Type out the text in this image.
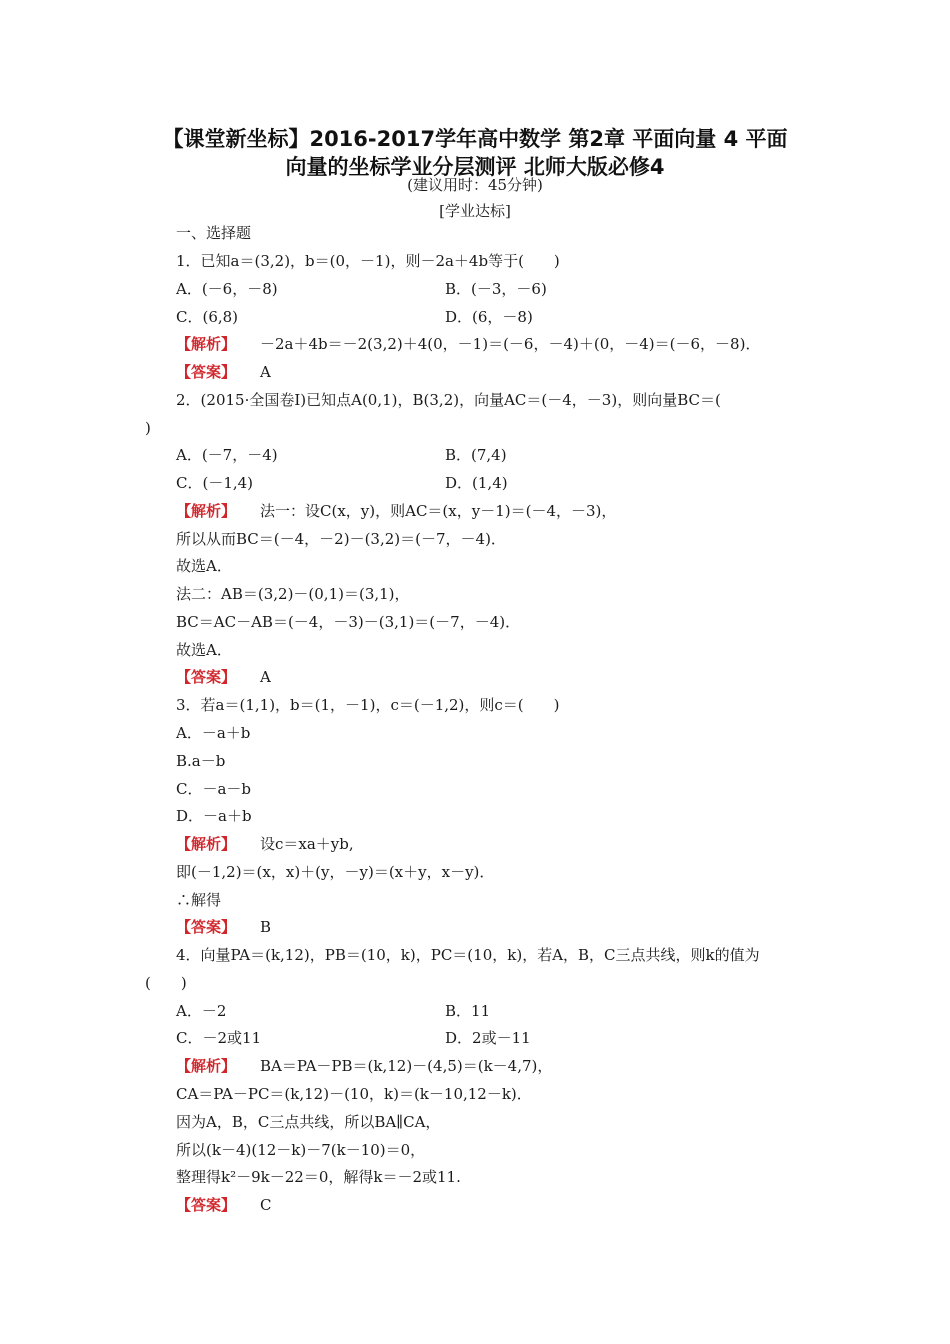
【课堂新坐标】2016-2017学年高中数学 第2章 平面向量 4 平面
向量的坐标学业分层测评 北师大版必修4
(建议用时：45分钟)
[学业达标]
一、选择题
1．已知a＝(3,2)，b＝(0，－1)，则－2a＋4b等于(　　)
A．(－6，－8)	B．(－3，－6)
C．(6,8)	D．(6，－8)
【解析】 －2a＋4b＝－2(3,2)＋4(0，－1)＝(－6，－4)＋(0，－4)＝(－6，－8)．
【答案】 A
2．(2015·全国卷Ⅰ)已知点A(0,1)，B(3,2)，向量AC＝(－4，－3)，则向量BC＝(
)
A．(－7，－4)	B．(7,4)
C．(－1,4)	D．(1,4)
【解析】 法一：设C(x，y)，则AC＝(x，y－1)＝(－4，－3)，
所以从而BC＝(－4，－2)－(3,2)＝(－7，－4)．
故选A．
法二：AB＝(3,2)－(0,1)＝(3,1)，
BC＝AC－AB＝(－4，－3)－(3,1)＝(－7，－4)．
故选A．
【答案】 A
3．若a＝(1,1)，b＝(1，－1)，c＝(－1,2)，则c＝(　　)
A．－a＋b
B.a－b
C．－a－b
D．－a＋b
【解析】 设c＝xa＋yb,
即(－1,2)＝(x，x)＋(y，－y)＝(x＋y，x－y)．
∴解得
【答案】 B
4．向量PA＝(k,12)，PB＝(10，k)，PC＝(10，k)，若A，B，C三点共线，则k的值为
(　　)
A．－2	B．11
C．－2或11	D．2或－11
【解析】 BA＝PA－PB＝(k,12)－(4,5)＝(k－4,7)，
CA＝PA－PC＝(k,12)－(10，k)＝(k－10,12－k)．
因为A，B，C三点共线，所以BA∥CA，
所以(k－4)(12－k)－7(k－10)＝0，
整理得k²－9k－22＝0，解得k＝－2或11.
【答案】 C
